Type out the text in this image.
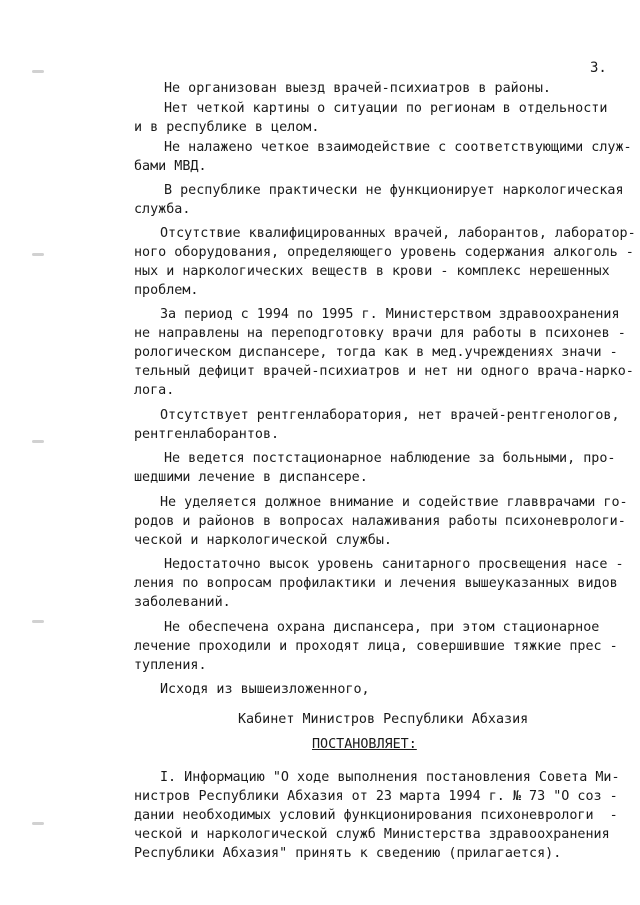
3.
Не организован выезд врачей-психиатров в районы.
Нет четкой картины о ситуации по регионам в отдельности
и в республике в целом.
Не налажено четкое взаимодействие с соответствующими служ-
бами МВД.
В республике практически не функционирует наркологическая
служба.
Отсутствие квалифицированных врачей, лаборантов, лаборатор-
ного оборудования, определяющего уровень содержания алкоголь -
ных и наркологических веществ в крови - комплекс нерешенных
проблем.
За период с 1994 по 1995 г. Министерством здравоохранения
не направлены на переподготовку врачи для работы в психонев -
рологическом диспансере, тогда как в мед.учреждениях значи -
тельный дефицит врачей-психиатров и нет ни одного врача-нарко-
лога.
Отсутствует рентгенлаборатория, нет врачей-рентгенологов,
рентгенлаборантов.
Не ведется постстационарное наблюдение за больными, про-
шедшими лечение в диспансере.
Не уделяется должное внимание и содействие главврачами го-
родов и районов в вопросах налаживания работы психоневрологи-
ческой и наркологической службы.
Недостаточно высок уровень санитарного просвещения насе -
ления по вопросам профилактики и лечения вышеуказанных видов
заболеваний.
Не обеспечена охрана диспансера, при этом стационарное
лечение проходили и проходят лица, совершившие тяжкие прес -
тупления.
Исходя из вышеизложенного,
Кабинет Министров Республики Абхазия
ПОСТАНОВЛЯЕТ:
I. Информацию "О ходе выполнения постановления Совета Ми-
нистров Республики Абхазия от 23 марта 1994 г. № 73 "О соз -
дании необходимых условий функционирования психоневрологи  -
ческой и наркологической служб Министерства здравоохранения
Республики Абхазия" принять к сведению (прилагается).
